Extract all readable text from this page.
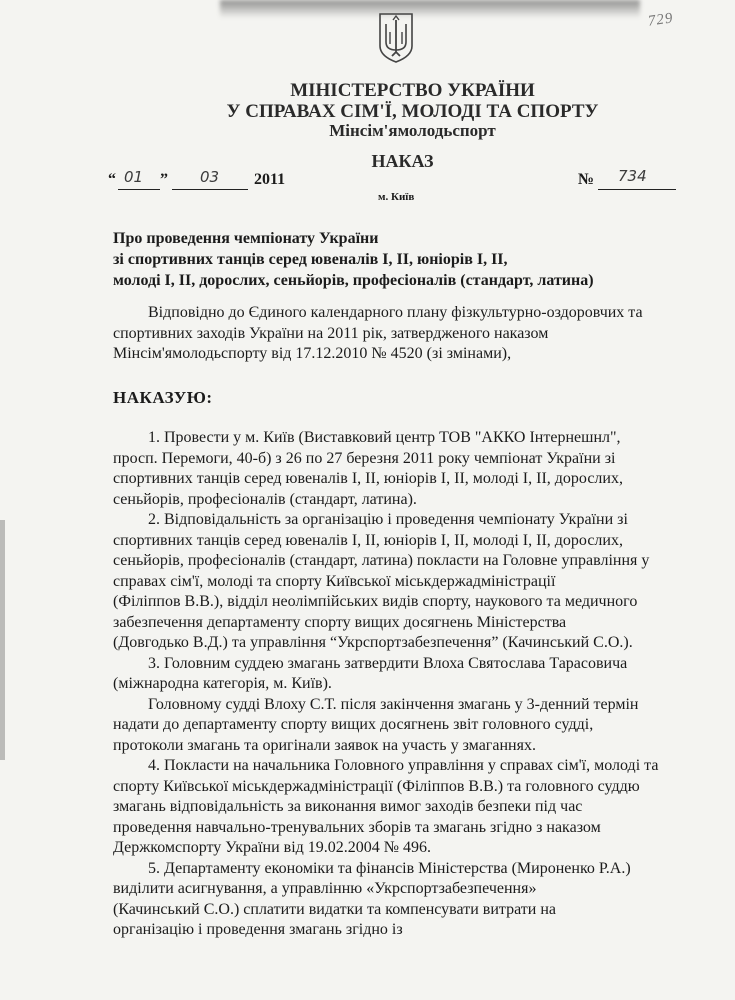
729
МІНІСТЕРСТВО УКРАЇНИ
У СПРАВАХ СІМ'Ї, МОЛОДІ ТА СПОРТУ
Мінсім'ямолодьспорт
НАКАЗ
“ 01 ” 03 2011	№ 734
м. Київ
Про проведення чемпіонату України
зі спортивних танців серед ювеналів І, ІІ, юніорів І, ІІ,
молоді І, ІІ, дорослих, сеньйорів, професіоналів (стандарт, латина)
Відповідно до Єдиного календарного плану фізкультурно-оздоровчих та
спортивних заходів України на 2011 рік, затвердженого наказом
Мінсім'ямолодьспорту від 17.12.2010 № 4520 (зі змінами),
НАКАЗУЮ:
1. Провести у м. Київ (Виставковий центр ТОВ "АККО Інтернешнл",
просп. Перемоги, 40-б) з 26 по 27 березня 2011 року чемпіонат України зі
спортивних танців серед ювеналів І, ІІ, юніорів І, ІІ, молоді І, ІІ, дорослих,
сеньйорів, професіоналів (стандарт, латина).
2. Відповідальність за організацію і проведення чемпіонату України зі
спортивних танців серед ювеналів І, ІІ, юніорів І, ІІ, молоді І, ІІ, дорослих,
сеньйорів, професіоналів (стандарт, латина) покласти на Головне управління у
справах сім'ї, молоді та спорту Київської міськдержадміністрації
(Філіппов В.В.), відділ неолімпійських видів спорту, наукового та медичного
забезпечення департаменту спорту вищих досягнень Міністерства
(Довгодько В.Д.) та управління “Укрспортзабезпечення” (Качинський С.О.).
3. Головним суддею змагань затвердити Влоха Святослава Тарасовича
(міжнародна категорія, м. Київ).
Головному судді Влоху С.Т. після закінчення змагань у 3-денний термін
надати до департаменту спорту вищих досягнень звіт головного судді,
протоколи змагань та оригінали заявок на участь у змаганнях.
4. Покласти на начальника Головного управління у справах сім'ї, молоді та
спорту Київської міськдержадміністрації (Філіппов В.В.) та головного суддю
змагань відповідальність за виконання вимог заходів безпеки під час
проведення навчально-тренувальних зборів та змагань згідно з наказом
Держкомспорту України від 19.02.2004 № 496.
5. Департаменту економіки та фінансів Міністерства (Мироненко Р.А.)
виділити асигнування, а управлінню «Укрспортзабезпечення»
(Качинський С.О.) сплатити видатки та компенсувати витрати на
організацію і проведення змагань згідно із
